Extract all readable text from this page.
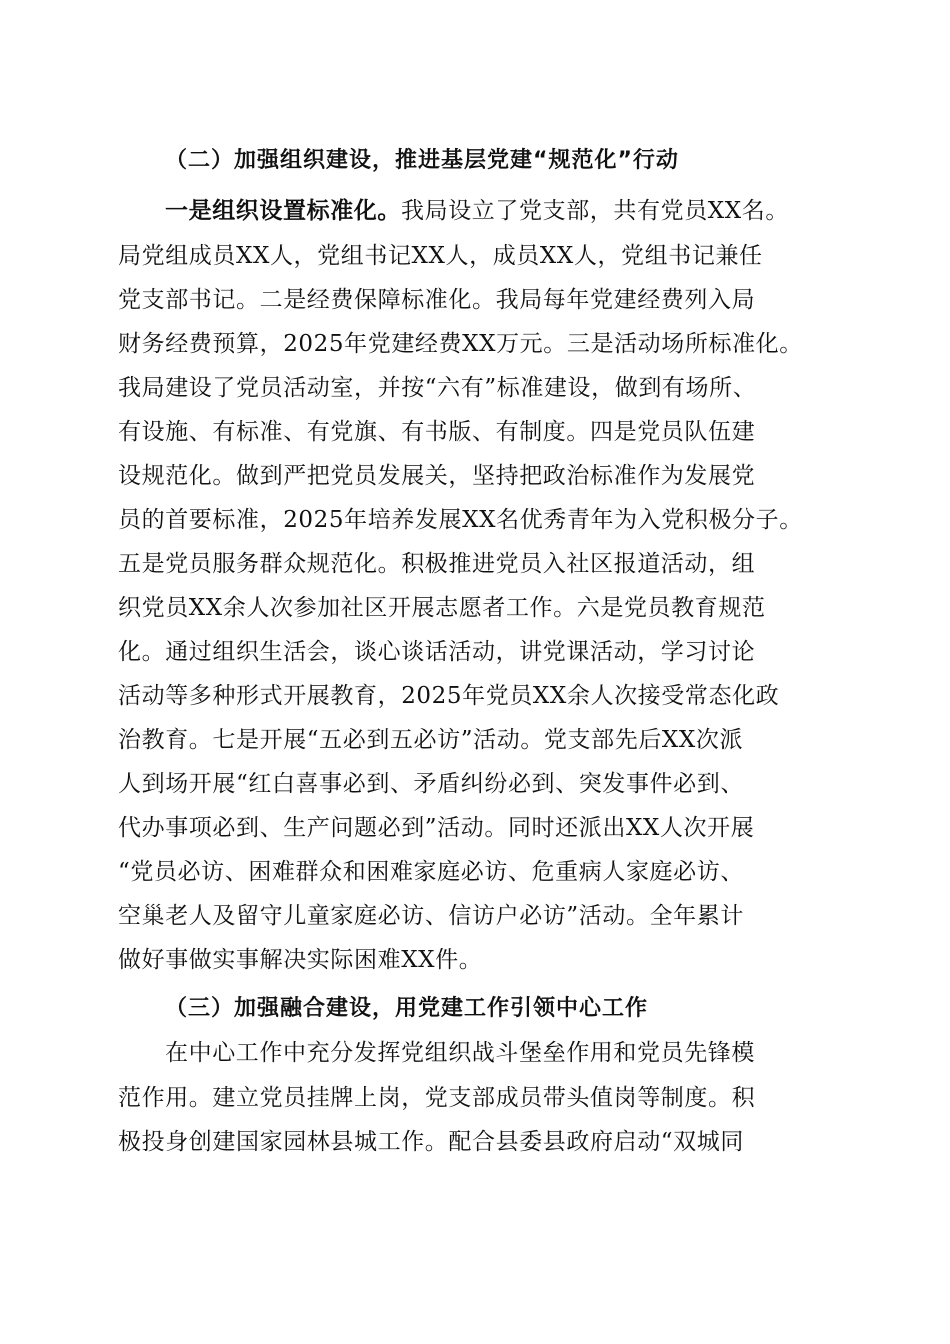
（二）加强组织建设，推进基层党建“规范化”行动
一是组织设置标准化。我局设立了党支部，共有党员XX名。
局党组成员XX人，党组书记XX人，成员XX人，党组书记兼任
党支部书记。二是经费保障标准化。我局每年党建经费列入局
财务经费预算，2025年党建经费XX万元。三是活动场所标准化。
我局建设了党员活动室，并按“六有”标准建设，做到有场所、
有设施、有标准、有党旗、有书版、有制度。四是党员队伍建
设规范化。做到严把党员发展关，坚持把政治标准作为发展党
员的首要标准，2025年培养发展XX名优秀青年为入党积极分子。
五是党员服务群众规范化。积极推进党员入社区报道活动，组
织党员XX余人次参加社区开展志愿者工作。六是党员教育规范
化。通过组织生活会，谈心谈话活动，讲党课活动，学习讨论
活动等多种形式开展教育，2025年党员XX余人次接受常态化政
治教育。七是开展“五必到五必访”活动。党支部先后XX次派
人到场开展“红白喜事必到、矛盾纠纷必到、突发事件必到、
代办事项必到、生产问题必到”活动。同时还派出XX人次开展
“党员必访、困难群众和困难家庭必访、危重病人家庭必访、
空巢老人及留守儿童家庭必访、信访户必访”活动。全年累计
做好事做实事解决实际困难XX件。
（三）加强融合建设，用党建工作引领中心工作
在中心工作中充分发挥党组织战斗堡垒作用和党员先锋模
范作用。建立党员挂牌上岗，党支部成员带头值岗等制度。积
极投身创建国家园林县城工作。配合县委县政府启动“双城同
